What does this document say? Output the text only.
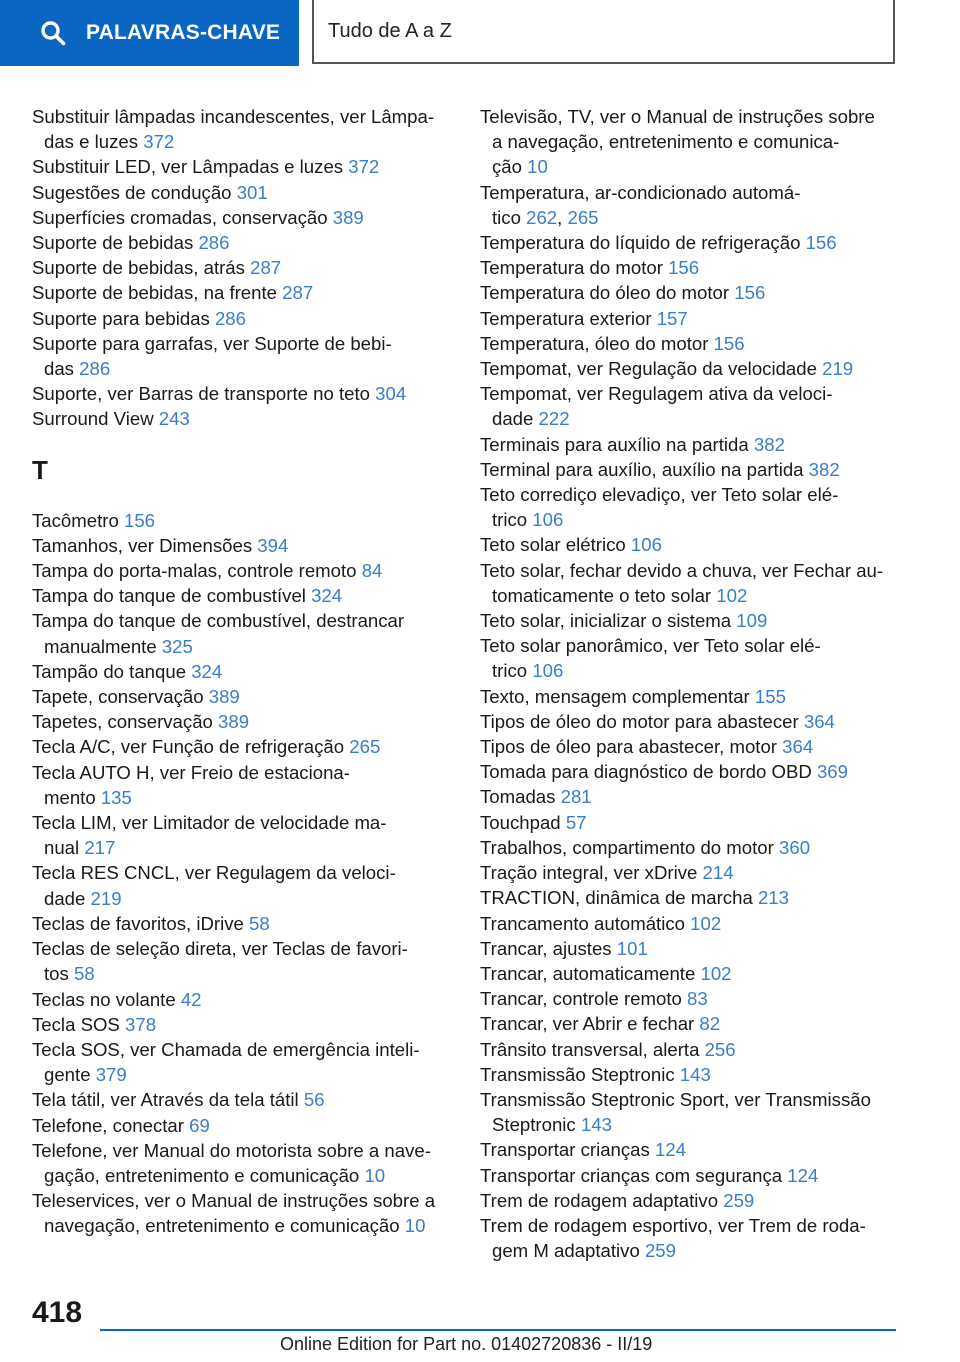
PALAVRAS-CHAVE Tudo de A a Z
Substituir lâmpadas incandescentes, ver Lâmpa-
das e luzes 372
Substituir LED, ver Lâmpadas e luzes 372
Sugestões de condução 301
Superfícies cromadas, conservação 389
Suporte de bebidas 286
Suporte de bebidas, atrás 287
Suporte de bebidas, na frente 287
Suporte para bebidas 286
Suporte para garrafas, ver Suporte de bebi-
das 286
Suporte, ver Barras de transporte no teto 304
Surround View 243
T
Tacômetro 156
Tamanhos, ver Dimensões 394
Tampa do porta-malas, controle remoto 84
Tampa do tanque de combustível 324
Tampa do tanque de combustível, destrancar
manualmente 325
Tampão do tanque 324
Tapete, conservação 389
Tapetes, conservação 389
Tecla A/C, ver Função de refrigeração 265
Tecla AUTO H, ver Freio de estaciona-
mento 135
Tecla LIM, ver Limitador de velocidade ma-
nual 217
Tecla RES CNCL, ver Regulagem da veloci-
dade 219
Teclas de favoritos, iDrive 58
Teclas de seleção direta, ver Teclas de favori-
tos 58
Teclas no volante 42
Tecla SOS 378
Tecla SOS, ver Chamada de emergência inteli-
gente 379
Tela tátil, ver Através da tela tátil 56
Telefone, conectar 69
Telefone, ver Manual do motorista sobre a nave-
gação, entretenimento e comunicação 10
Teleservices, ver o Manual de instruções sobre a
navegação, entretenimento e comunicação 10
Televisão, TV, ver o Manual de instruções sobre
a navegação, entretenimento e comunica-
ção 10
Temperatura, ar-condicionado automá-
tico 262, 265
Temperatura do líquido de refrigeração 156
Temperatura do motor 156
Temperatura do óleo do motor 156
Temperatura exterior 157
Temperatura, óleo do motor 156
Tempomat, ver Regulação da velocidade 219
Tempomat, ver Regulagem ativa da veloci-
dade 222
Terminais para auxílio na partida 382
Terminal para auxílio, auxílio na partida 382
Teto corrediço elevadiço, ver Teto solar elé-
trico 106
Teto solar elétrico 106
Teto solar, fechar devido a chuva, ver Fechar au-
tomaticamente o teto solar 102
Teto solar, inicializar o sistema 109
Teto solar panorâmico, ver Teto solar elé-
trico 106
Texto, mensagem complementar 155
Tipos de óleo do motor para abastecer 364
Tipos de óleo para abastecer, motor 364
Tomada para diagnóstico de bordo OBD 369
Tomadas 281
Touchpad 57
Trabalhos, compartimento do motor 360
Tração integral, ver xDrive 214
TRACTION, dinâmica de marcha 213
Trancamento automático 102
Trancar, ajustes 101
Trancar, automaticamente 102
Trancar, controle remoto 83
Trancar, ver Abrir e fechar 82
Trânsito transversal, alerta 256
Transmissão Steptronic 143
Transmissão Steptronic Sport, ver Transmissão
Steptronic 143
Transportar crianças 124
Transportar crianças com segurança 124
Trem de rodagem adaptativo 259
Trem de rodagem esportivo, ver Trem de roda-
gem M adaptativo 259
418
Online Edition for Part no. 01402720836 - II/19
